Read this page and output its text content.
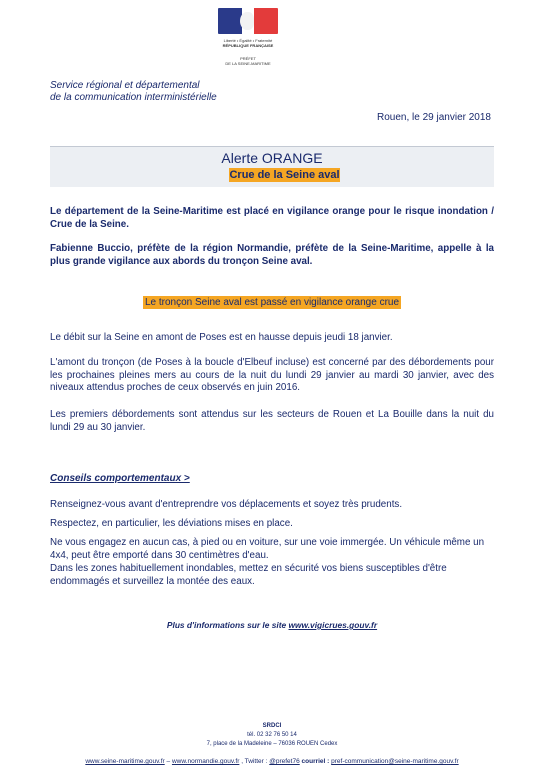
Liberté • Égalité • Fraternité
RÉPUBLIQUE FRANÇAISE
PRÉFET
DE LA SEINE-MARITIME
Service régional et départemental
de la communication interministérielle
Rouen, le 29 janvier 2018
Alerte ORANGE
Crue de la Seine aval
Le département de la Seine-Maritime est placé en vigilance orange pour le risque inondation / Crue de la Seine.
Fabienne Buccio, préfète de la région Normandie, préfète de la Seine-Maritime, appelle à la plus grande vigilance aux abords du tronçon Seine aval.
Le tronçon Seine aval est passé en vigilance orange crue
Le débit sur la Seine en amont de Poses est en hausse depuis jeudi 18 janvier.
L'amont du tronçon (de Poses à la boucle d'Elbeuf incluse) est concerné par des débordements pour les prochaines pleines mers au cours de la nuit du lundi 29 janvier au mardi 30 janvier, avec des niveaux attendus proches de ceux observés en juin 2016.
Les premiers débordements sont attendus sur les secteurs de Rouen et La Bouille dans la nuit du lundi 29 au 30 janvier.
Conseils comportementaux >
Renseignez-vous avant d'entreprendre vos déplacements et soyez très prudents.
Respectez, en particulier, les déviations mises en place.
Ne vous engagez en aucun cas, à pied ou en voiture, sur une voie immergée. Un véhicule même un 4x4, peut être emporté dans 30 centimètres d'eau.
Dans les zones habituellement inondables, mettez en sécurité vos biens susceptibles d'être endommagés et surveillez la montée des eaux.
Plus d'informations sur le site www.vigicrues.gouv.fr
SRDCI
tél. 02 32 76 50 14
7, place de la Madeleine – 76036 ROUEN Cedex
www.seine-maritime.gouv.fr – www.normandie.gouv.fr , Twitter : @prefet76 courriel : pref-communication@seine-maritime.gouv.fr
